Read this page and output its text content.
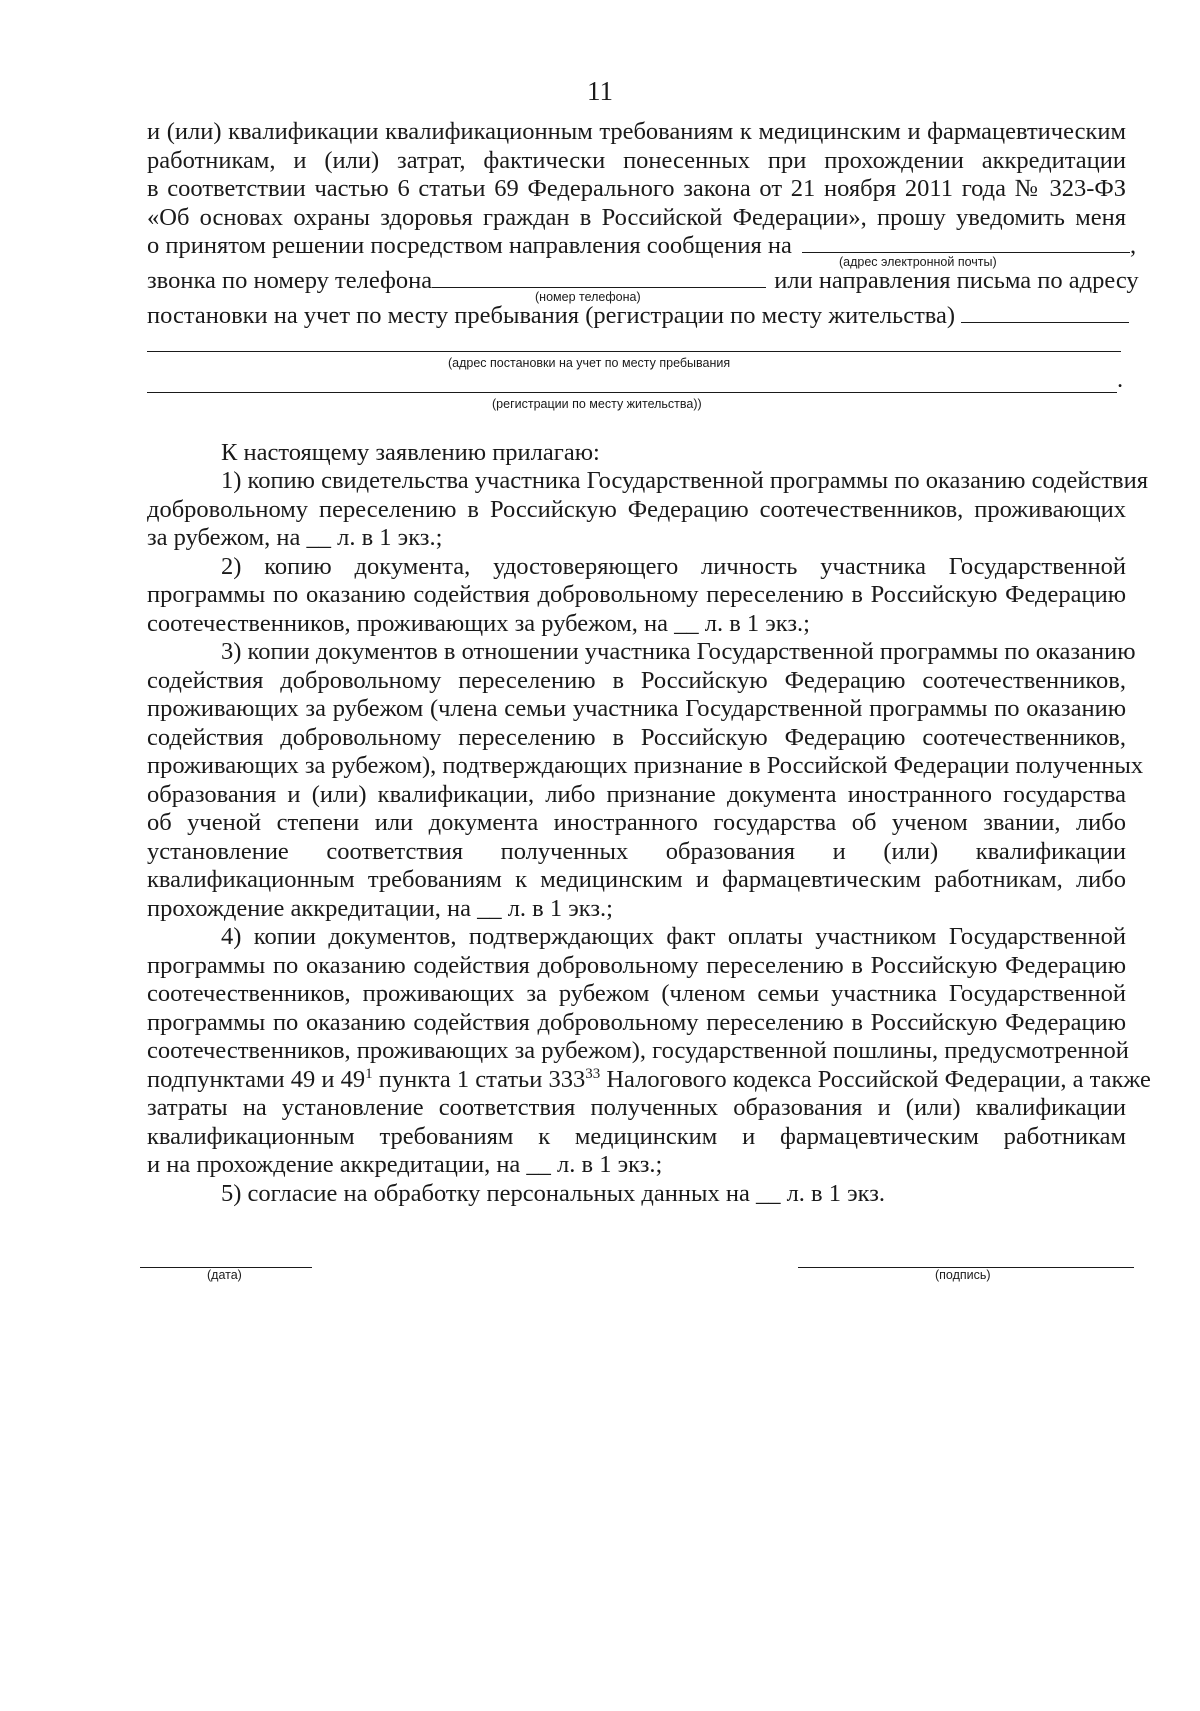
11
и (или) квалификации квалификационным требованиям к медицинским и фармацевтическим
работникам, и (или) затрат, фактически понесенных при прохождении аккредитации
в соответствии частью 6 статьи 69 Федерального закона от 21 ноября 2011 года № 323-ФЗ
«Об основах охраны здоровья граждан в Российской Федерации», прошу уведомить меня
о принятом решении посредством направления сообщения на	,
(адрес электронной почты)
звонка по номеру телефона	или направления письма по адресу
(номер телефона)
постановки на учет по месту пребывания (регистрации по месту жительства)
(адрес постановки на учет по месту пребывания
.
(регистрации по месту жительства))
К настоящему заявлению прилагаю:
1) копию свидетельства участника Государственной программы по оказанию содействия
добровольному переселению в Российскую Федерацию соотечественников, проживающих
за рубежом, на __ л. в 1 экз.;
2) копию документа, удостоверяющего личность участника Государственной
программы по оказанию содействия добровольному переселению в Российскую Федерацию
соотечественников, проживающих за рубежом, на __ л. в 1 экз.;
3) копии документов в отношении участника Государственной программы по оказанию
содействия добровольному переселению в Российскую Федерацию соотечественников,
проживающих за рубежом (члена семьи участника Государственной программы по оказанию
содействия добровольному переселению в Российскую Федерацию соотечественников,
проживающих за рубежом), подтверждающих признание в Российской Федерации полученных
образования и (или) квалификации, либо признание документа иностранного государства
об ученой степени или документа иностранного государства об ученом звании, либо
установление соответствия полученных образования и (или) квалификации
квалификационным требованиям к медицинским и фармацевтическим работникам, либо
прохождение аккредитации, на __ л. в 1 экз.;
4) копии документов, подтверждающих факт оплаты участником Государственной
программы по оказанию содействия добровольному переселению в Российскую Федерацию
соотечественников, проживающих за рубежом (членом семьи участника Государственной
программы по оказанию содействия добровольному переселению в Российскую Федерацию
соотечественников, проживающих за рубежом), государственной пошлины, предусмотренной
подпунктами 49 и $49^1$ пункта 1 статьи $333^{33}$ Налогового кодекса Российской Федерации, а также
затраты на установление соответствия полученных образования и (или) квалификации
квалификационным требованиям к медицинским и фармацевтическим работникам
и на прохождение аккредитации, на __ л. в 1 экз.;
5) согласие на обработку персональных данных на __ л. в 1 экз.
(дата)	(подпись)
